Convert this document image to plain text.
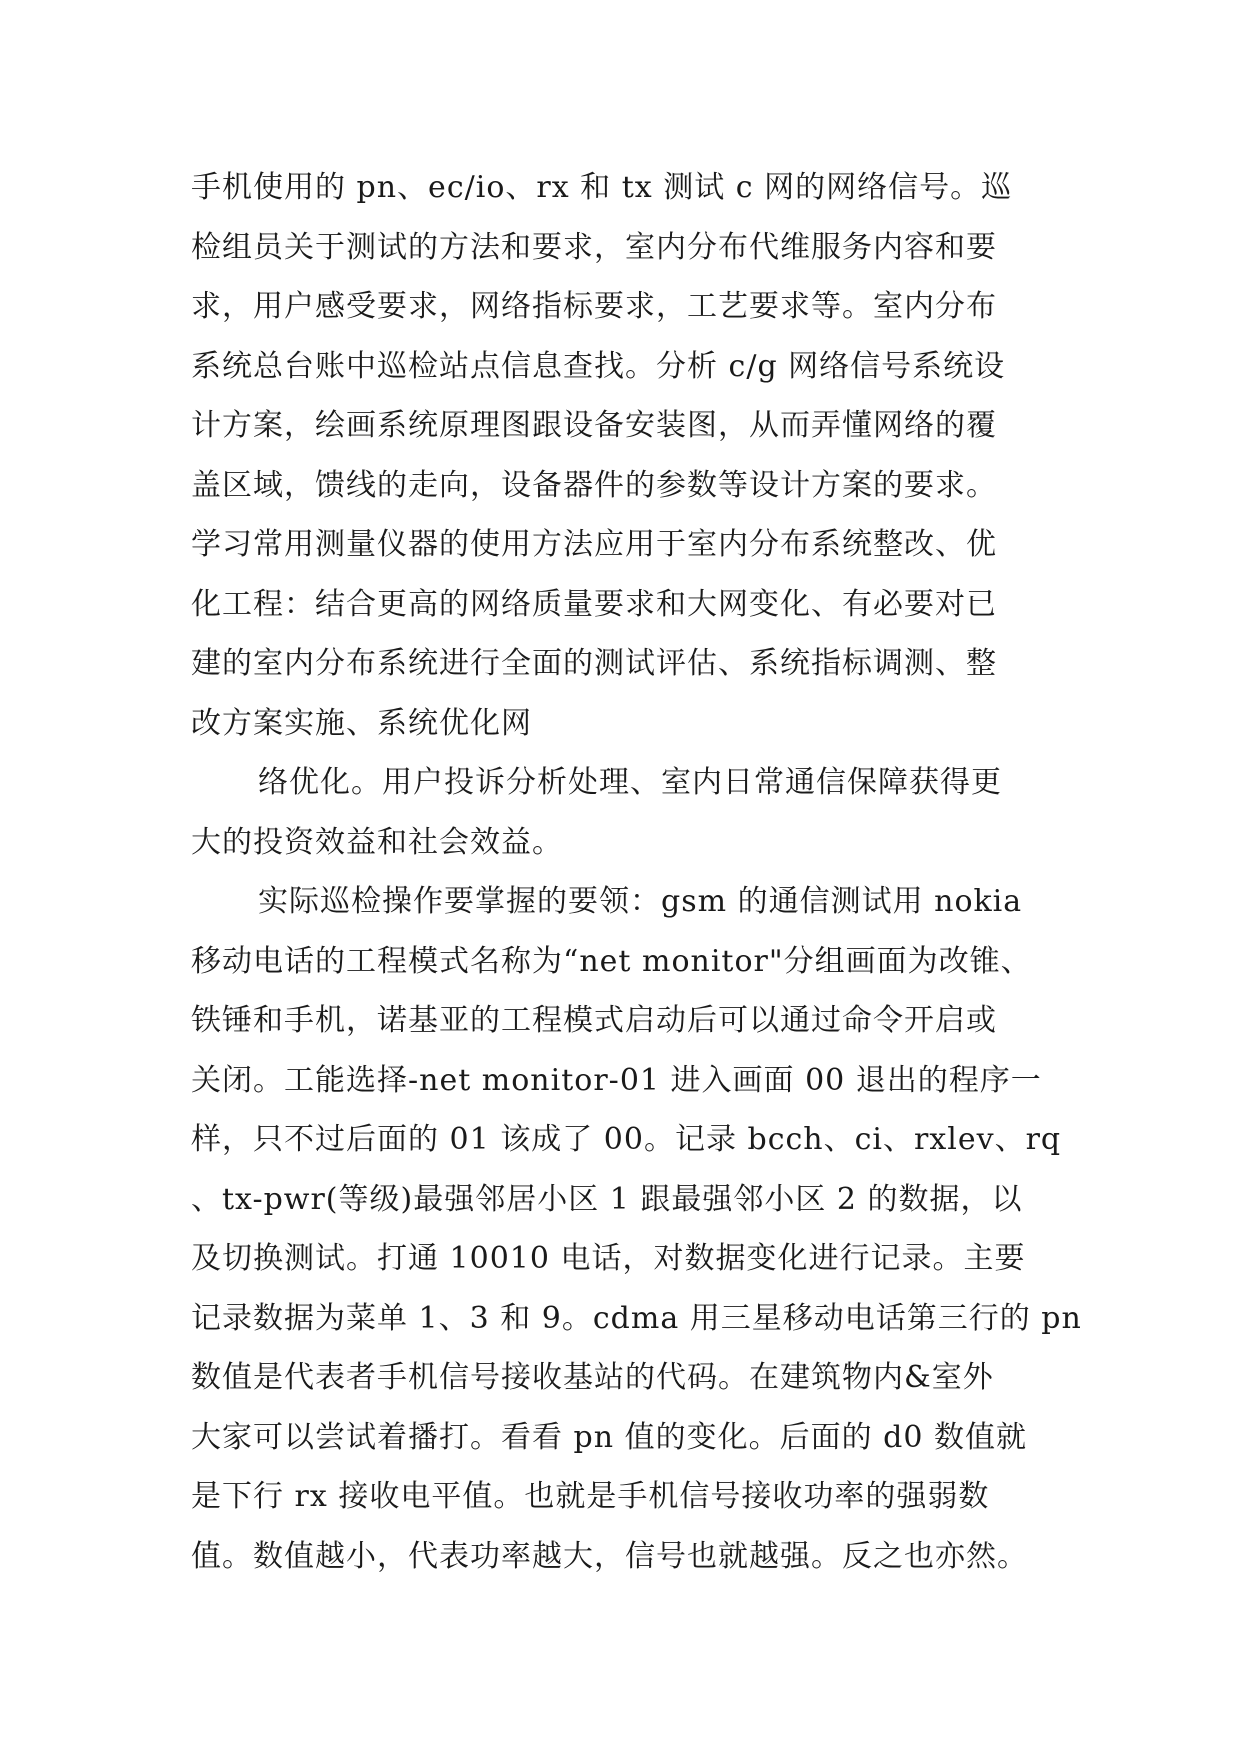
手机使用的 pn、ec/io、rx 和 tx 测试 c 网的网络信号。巡
检组员关于测试的方法和要求，室内分布代维服务内容和要
求，用户感受要求，网络指标要求，工艺要求等。室内分布
系统总台账中巡检站点信息查找。分析 c/g 网络信号系统设
计方案，绘画系统原理图跟设备安装图，从而弄懂网络的覆
盖区域，馈线的走向，设备器件的参数等设计方案的要求。
学习常用测量仪器的使用方法应用于室内分布系统整改、优
化工程：结合更高的网络质量要求和大网变化、有必要对已
建的室内分布系统进行全面的测试评估、系统指标调测、整
改方案实施、系统优化网
络优化。用户投诉分析处理、室内日常通信保障获得更
大的投资效益和社会效益。
实际巡检操作要掌握的要领：gsm 的通信测试用 nokia
移动电话的工程模式名称为“net monitor"分组画面为改锥、
铁锤和手机，诺基亚的工程模式启动后可以通过命令开启或
关闭。工能选择-net monitor-01 进入画面 00 退出的程序一
样，只不过后面的 01 该成了 00。记录 bcch、ci、rxlev、rq
、tx-pwr(等级)最强邻居小区 1 跟最强邻小区 2 的数据，以
及切换测试。打通 10010 电话，对数据变化进行记录。主要
记录数据为菜单 1、3 和 9。cdma 用三星移动电话第三行的 pn
数值是代表者手机信号接收基站的代码。在建筑物内&室外
大家可以尝试着播打。看看 pn 值的变化。后面的 d0 数值就
是下行 rx 接收电平值。也就是手机信号接收功率的强弱数
值。数值越小，代表功率越大，信号也就越强。反之也亦然。
